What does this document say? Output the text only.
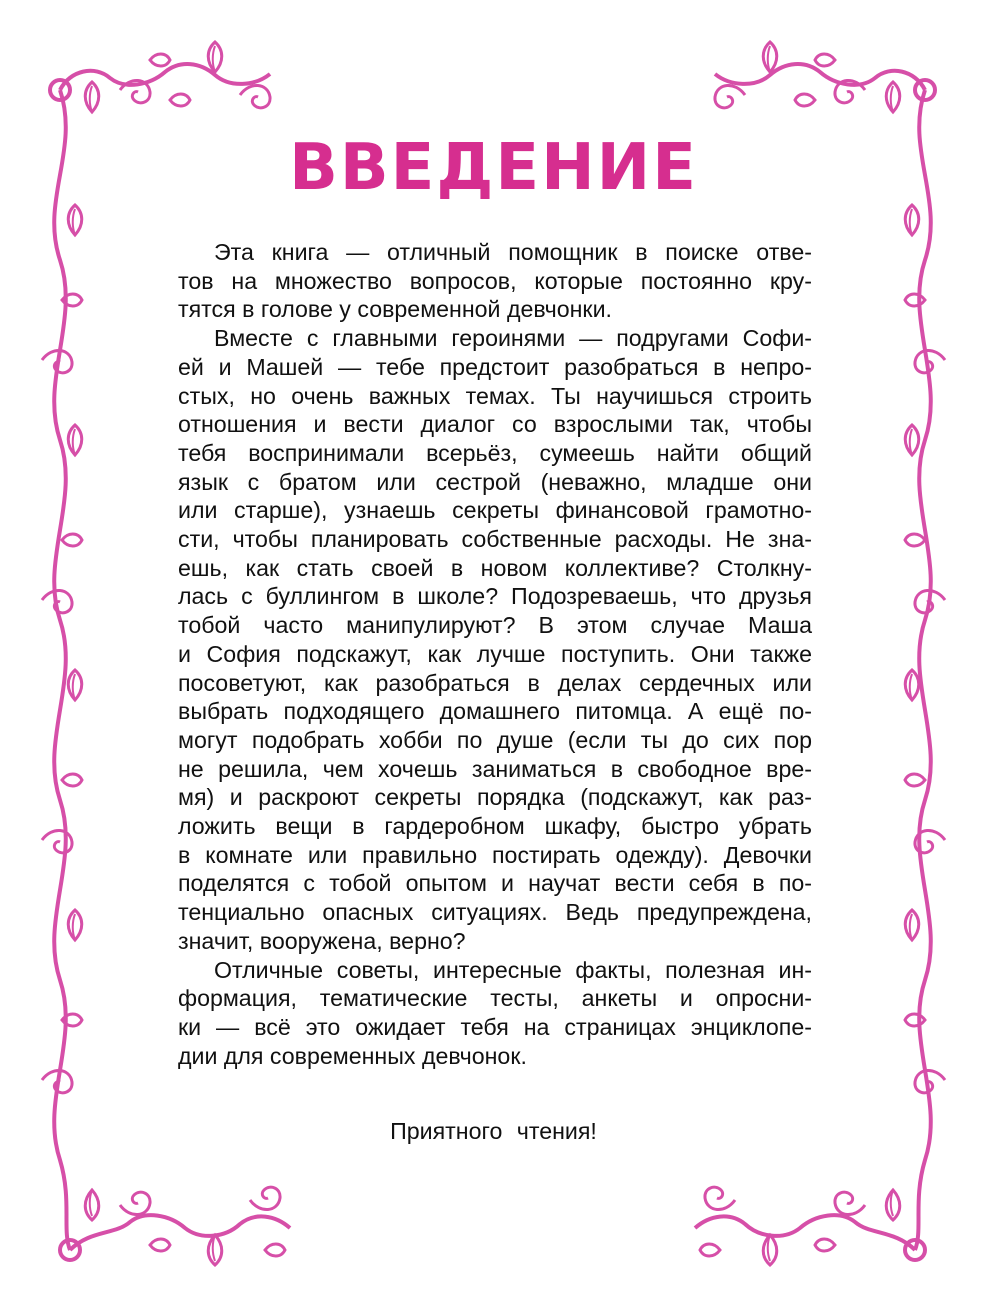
ВВЕДЕНИЕ

Эта книга — отличный помощник в поиске отве-
тов на множество вопросов, которые постоянно кру-
тятся в голове у современной девчонки.

Вместе с главными героинями — подругами Софи-
ей и Машей — тебе предстоит разобраться в непро-
стых, но очень важных темах. Ты научишься строить
отношения и вести диалог со взрослыми так, чтобы
тебя воспринимали всерьёз, сумеешь найти общий
язык с братом или сестрой (неважно, младше они
или старше), узнаешь секреты финансовой грамотно-
сти, чтобы планировать собственные расходы. Не зна-
ешь, как стать своей в новом коллективе? Столкну-
лась с буллингом в школе? Подозреваешь, что друзья
тобой часто манипулируют? В этом случае Маша
и София подскажут, как лучше поступить. Они также
посоветуют, как разобраться в делах сердечных или
выбрать подходящего домашнего питомца. А ещё по-
могут подобрать хобби по душе (если ты до сих пор
не решила, чем хочешь заниматься в свободное вре-
мя) и раскроют секреты порядка (подскажут, как раз-
ложить вещи в гардеробном шкафу, быстро убрать
в комнате или правильно постирать одежду). Девочки
поделятся с тобой опытом и научат вести себя в по-
тенциально опасных ситуациях. Ведь предупреждена,
значит, вооружена, верно?

Отличные советы, интересные факты, полезная ин-
формация, тематические тесты, анкеты и опросни-
ки — всё это ожидает тебя на страницах энциклопе-
дии для современных девчонок.

Приятного чтения!
